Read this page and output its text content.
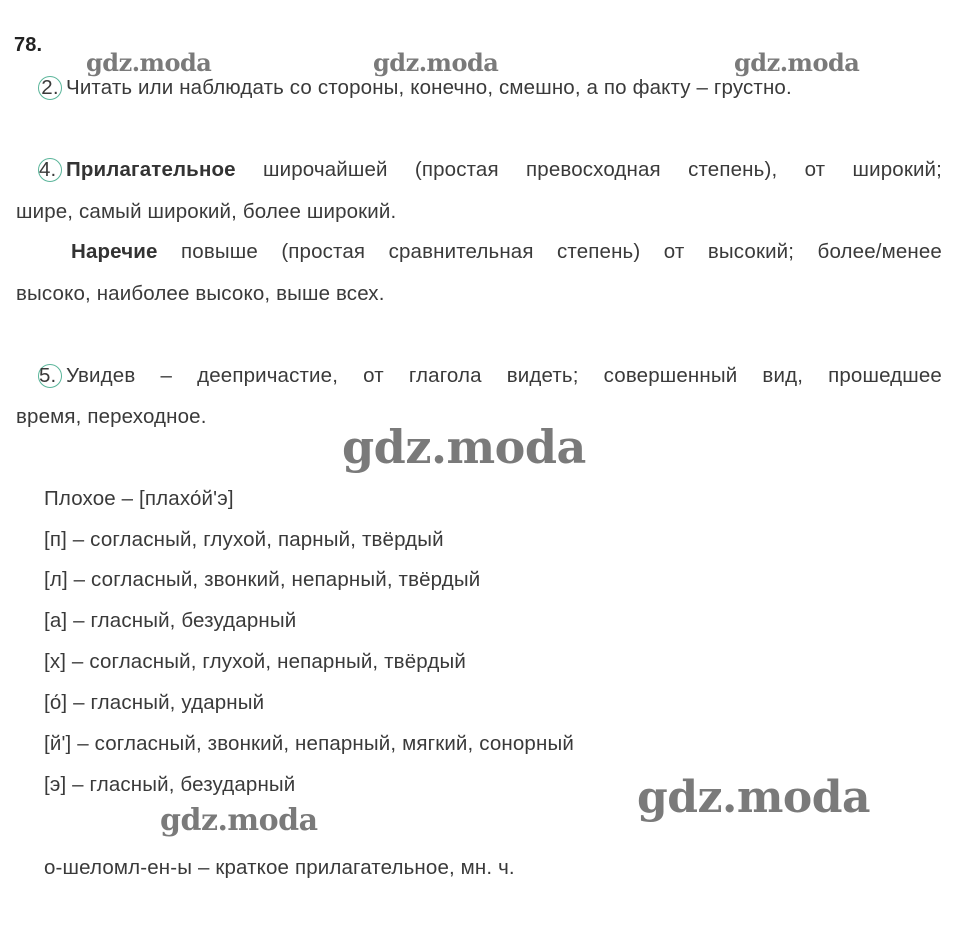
78.
gdz.moda	gdz.moda	gdz.moda
2. Читать или наблюдать со стороны, конечно, смешно, а по факту – грустно.
4. Прилагательное широчайшей (простая превосходная степень), от широкий;
шире, самый широкий, более широкий.
Наречие повыше (простая сравнительная степень) от высокий; более/менее
высоко, наиболее высоко, выше всех.
5. Увидев – деепричастие, от глагола видеть; совершенный вид, прошедшее
время, переходное.
gdz.moda
Плохое – [плахо́й'э]
[п] – согласный, глухой, парный, твёрдый
[л] – согласный, звонкий, непарный, твёрдый
[а] – гласный, безударный
[х] – согласный, глухой, непарный, твёрдый
[о́] – гласный, ударный
[й'] – согласный, звонкий, непарный, мягкий, сонорный
[э] – гласный, безударный
gdz.moda	gdz.moda
о-шеломл-ен-ы – краткое прилагательное, мн. ч.
